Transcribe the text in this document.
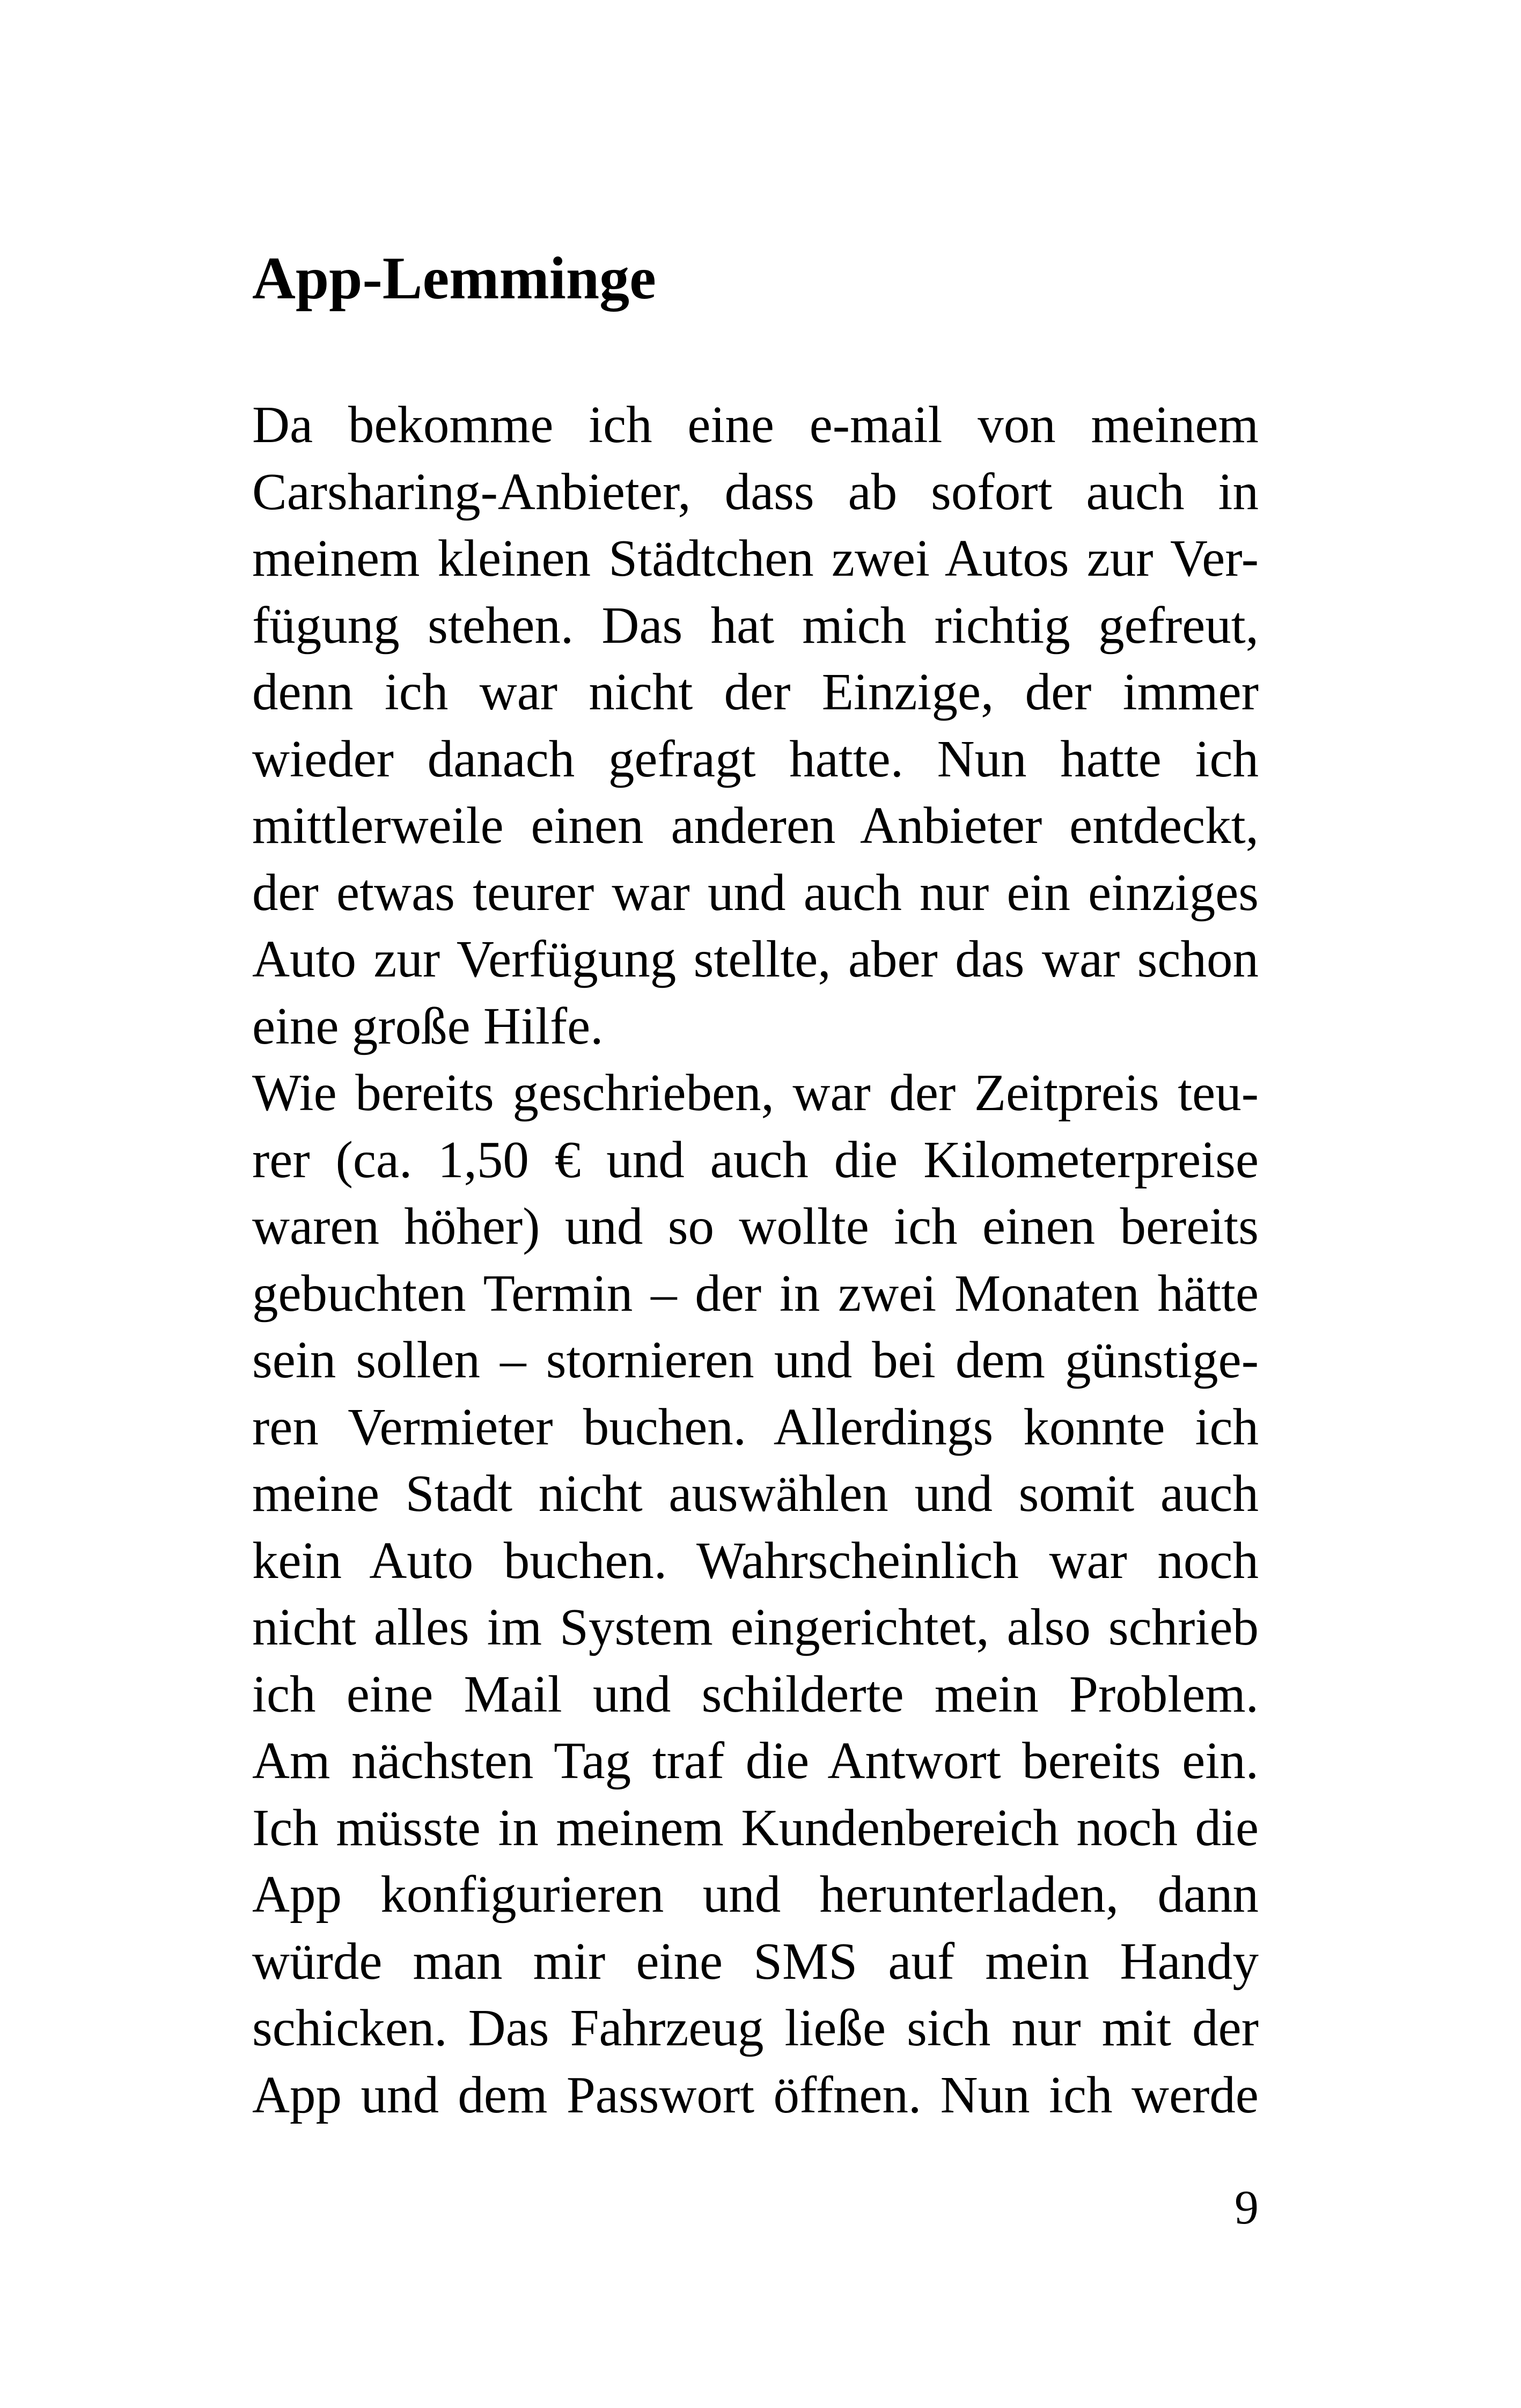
App-Lemminge
Da bekomme ich eine e-mail von meinem
Carsharing-Anbieter, dass ab sofort auch in
meinem kleinen Städtchen zwei Autos zur Ver-
fügung stehen. Das hat mich richtig gefreut,
denn ich war nicht der Einzige, der immer
wieder danach gefragt hatte. Nun hatte ich
mittlerweile einen anderen Anbieter entdeckt,
der etwas teurer war und auch nur ein einziges
Auto zur Verfügung stellte, aber das war schon
eine große Hilfe.
Wie bereits geschrieben, war der Zeitpreis teu-
rer (ca. 1,50 € und auch die Kilometerpreise
waren höher) und so wollte ich einen bereits
gebuchten Termin – der in zwei Monaten hätte
sein sollen – stornieren und bei dem günstige-
ren Vermieter buchen. Allerdings konnte ich
meine Stadt nicht auswählen und somit auch
kein Auto buchen. Wahrscheinlich war noch
nicht alles im System eingerichtet, also schrieb
ich eine Mail und schilderte mein Problem.
Am nächsten Tag traf die Antwort bereits ein.
Ich müsste in meinem Kundenbereich noch die
App konfigurieren und herunterladen, dann
würde man mir eine SMS auf mein Handy
schicken. Das Fahrzeug ließe sich nur mit der
App und dem Passwort öffnen. Nun ich werde
9
